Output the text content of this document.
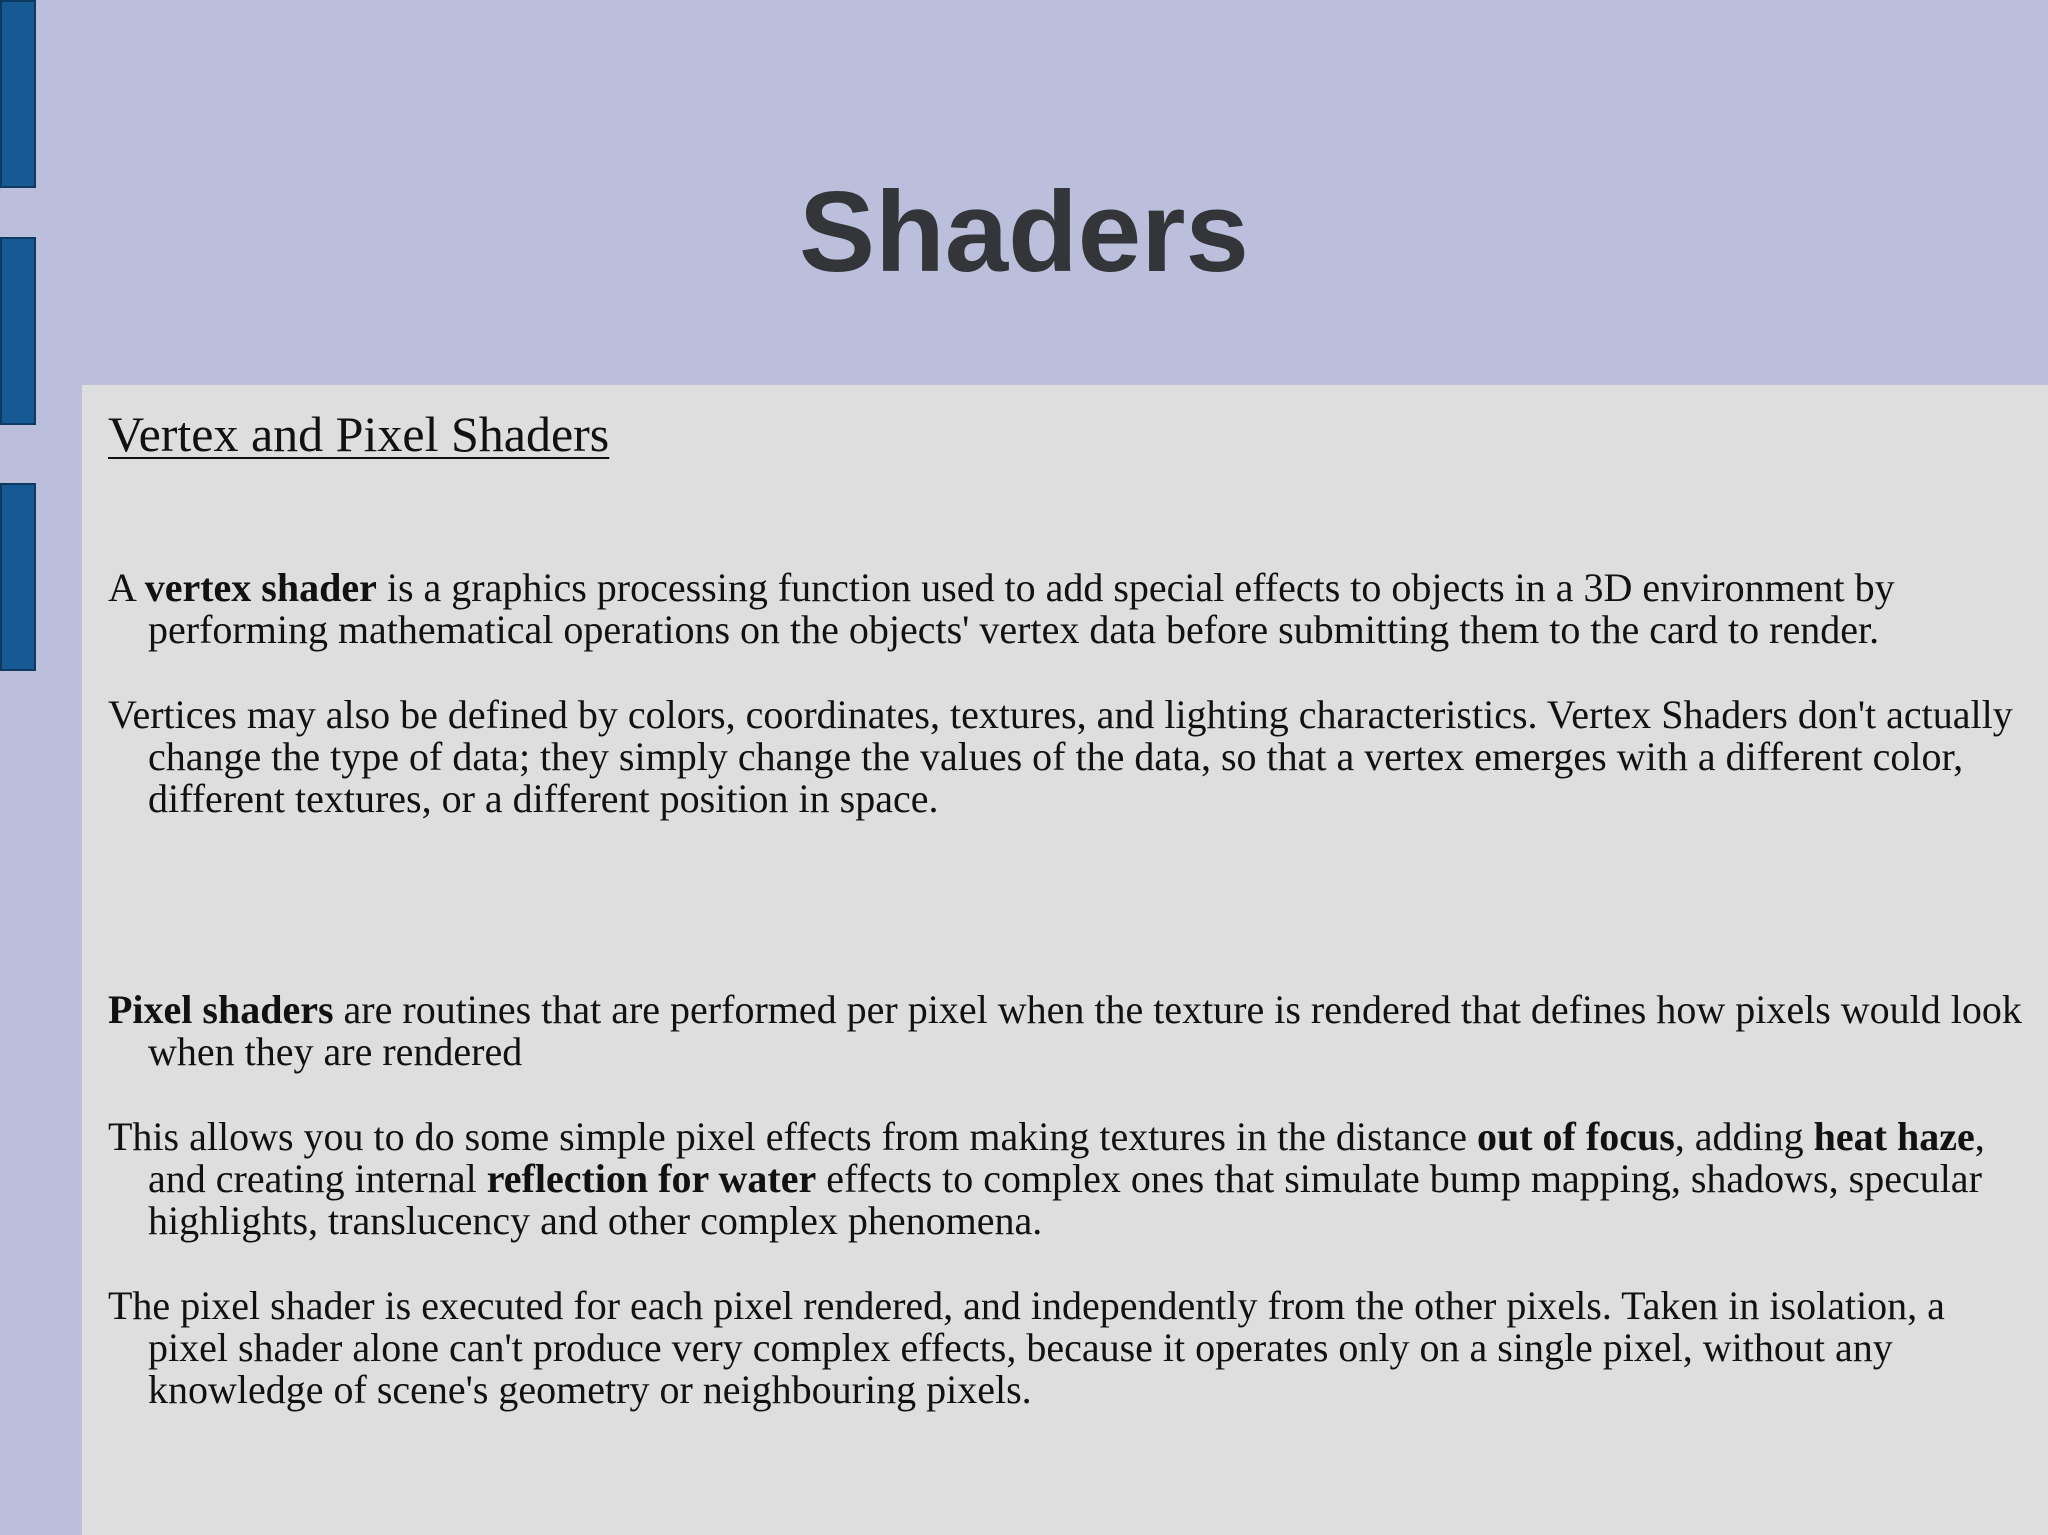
Shaders
Vertex and Pixel Shaders

A vertex shader is a graphics processing function used to add special effects to objects in a 3D environment by performing mathematical operations on the objects' vertex data before submitting them to the card to render.

Vertices may also be defined by colors, coordinates, textures, and lighting characteristics. Vertex Shaders don't actually change the type of data; they simply change the values of the data, so that a vertex emerges with a different color, different textures, or a different position in space.

Pixel shaders are routines that are performed per pixel when the texture is rendered that defines how pixels would look when they are rendered

This allows you to do some simple pixel effects from making textures in the distance out of focus, adding heat haze, and creating internal reflection for water effects to complex ones that simulate bump mapping, shadows, specular highlights, translucency and other complex phenomena.

The pixel shader is executed for each pixel rendered, and independently from the other pixels. Taken in isolation, a pixel shader alone can't produce very complex effects, because it operates only on a single pixel, without any knowledge of scene's geometry or neighbouring pixels.
